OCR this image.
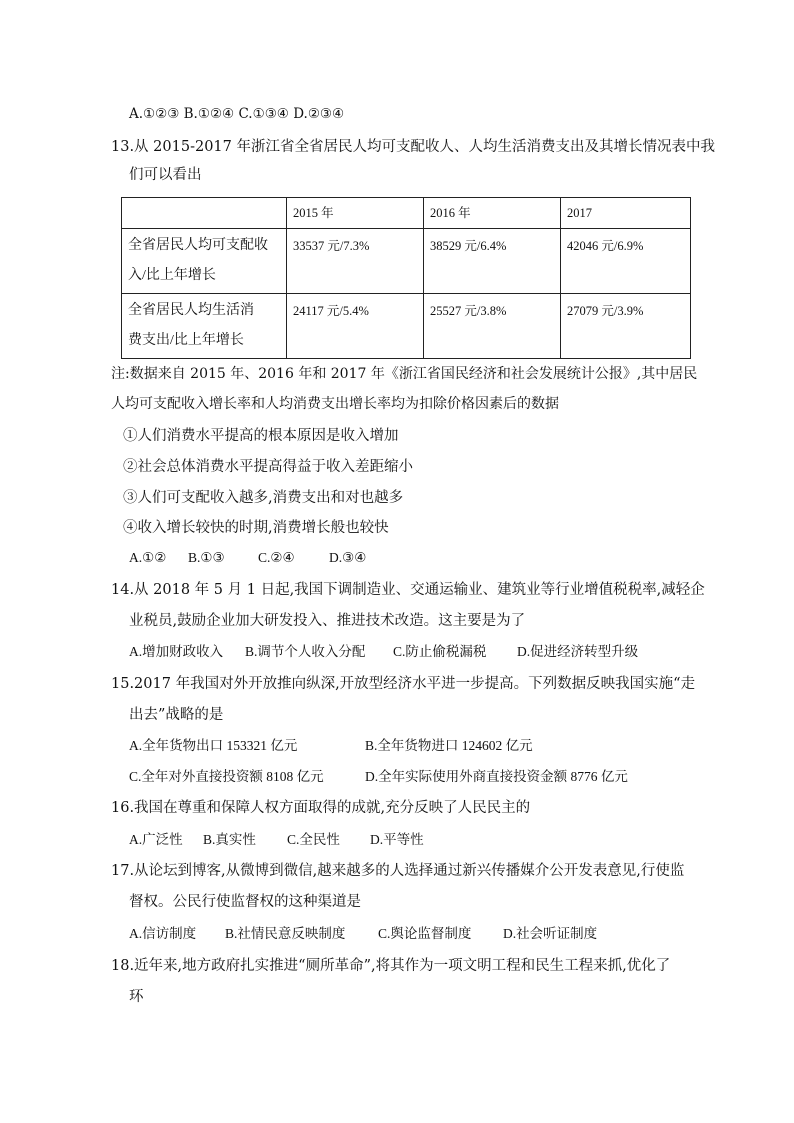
A.①②③ B.①②④ C.①③④ D.②③④
13.从 2015-2017 年浙江省全省居民人均可支配收人、人均生活消费支出及其增长情况表中我
们可以看出
	2015 年	2016 年	2017

全省居民人均可支配收
入/比上年增长	33537 元/7.3%	38529 元/6.4%	42046 元/6.9%

全省居民人均生活消
费支出/比上年增长	24117 元/5.4%	25527 元/3.8%	27079 元/3.9%
注:数据来自 2015 年、2016 年和 2017 年《浙江省国民经济和社会发展统计公报》,其中居民
人均可支配收入增长率和人均消费支出增长率均为扣除价格因素后的数据
①人们消费水平提高的根本原因是收入增加
②社会总体消费水平提高得益于收入差距缩小
③人们可支配收入越多,消费支出和对也越多
④收入增长较快的时期,消费增长般也较快
A.①② B.①③ C.②④	D.③④
14.从 2018 年 5 月 1 日起,我国下调制造业、交通运输业、建筑业等行业增值税税率,减轻企
业税员,鼓励企业加大研发投入、推进技术改造。这主要是为了
A.增加财政收入 B.调节个人收入分配 C.防止偷税漏税 D.促进经济转型升级
15.2017 年我国对外开放推向纵深,开放型经济水平进一步提高。下列数据反映我国实施“走
出去”战略的是
A.全年货物出口 153321 亿元	B.全年货物进口 124602 亿元
C.全年对外直接投资额 8108 亿元	D.全年实际使用外商直接投资金额 8776 亿元
16.我国在尊重和保障人权方面取得的成就,充分反映了人民民主的
A.广泛性 B.真实性 C.全民性 D.平等性
17.从论坛到博客,从微博到微信,越来越多的人选择通过新兴传播媒介公开发表意见,行使监
督权。公民行使监督权的这种渠道是
A.信访制度 B.社情民意反映制度 C.舆论监督制度 D.社会听证制度
18.近年来,地方政府扎实推进“厕所革命”,将其作为一项文明工程和民生工程来抓,优化了
环
